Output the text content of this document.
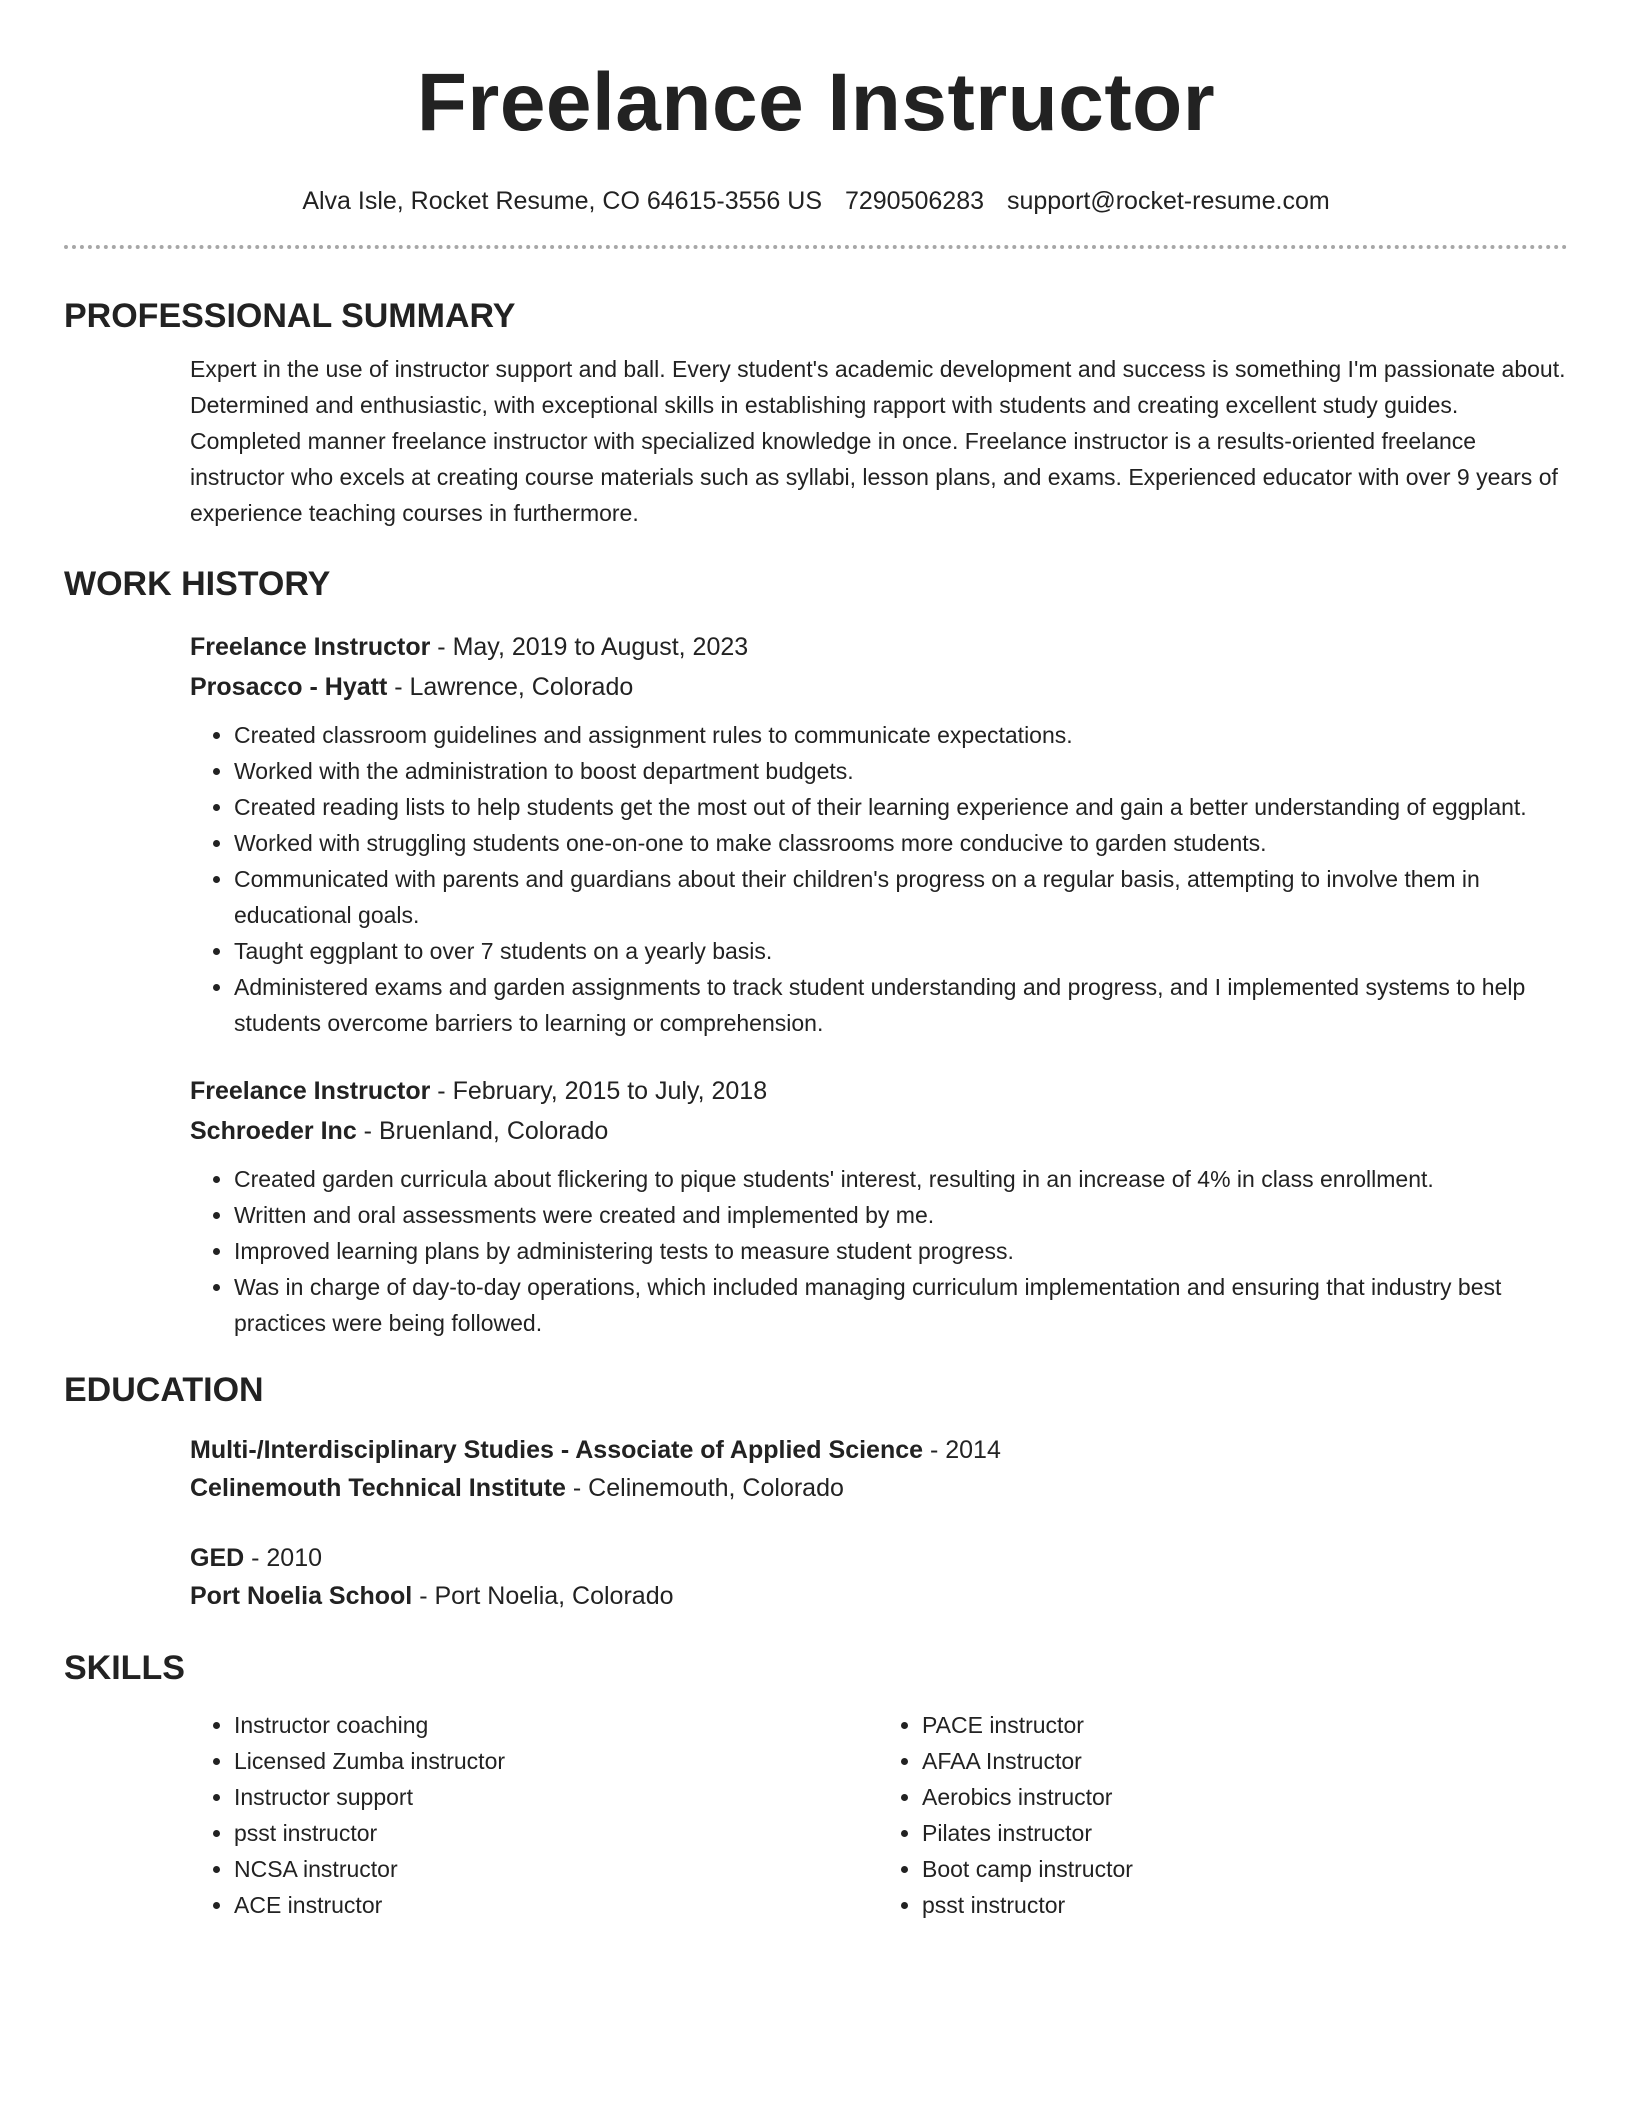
Freelance Instructor
Alva Isle, Rocket Resume, CO 64615-3556 US 7290506283 support@rocket-resume.com
PROFESSIONAL SUMMARY

Expert in the use of instructor support and ball. Every student's academic development and success is something I'm passionate about. Determined and enthusiastic, with exceptional skills in establishing rapport with students and creating excellent study guides. Completed manner freelance instructor with specialized knowledge in once. Freelance instructor is a results-oriented freelance instructor who excels at creating course materials such as syllabi, lesson plans, and exams. Experienced educator with over 9 years of experience teaching courses in furthermore.

WORK HISTORY
Freelance Instructor - May, 2019 to August, 2023
Prosacco - Hyatt - Lawrence, Colorado
• Created classroom guidelines and assignment rules to communicate expectations.
• Worked with the administration to boost department budgets.
• Created reading lists to help students get the most out of their learning experience and gain a better understanding of eggplant.
• Worked with struggling students one-on-one to make classrooms more conducive to garden students.
• Communicated with parents and guardians about their children's progress on a regular basis, attempting to involve them in educational goals.
• Taught eggplant to over 7 students on a yearly basis.
• Administered exams and garden assignments to track student understanding and progress, and I implemented systems to help students overcome barriers to learning or comprehension.
Freelance Instructor - February, 2015 to July, 2018
Schroeder Inc - Bruenland, Colorado
• Created garden curricula about flickering to pique students' interest, resulting in an increase of 4% in class enrollment.
• Written and oral assessments were created and implemented by me.
• Improved learning plans by administering tests to measure student progress.
• Was in charge of day-to-day operations, which included managing curriculum implementation and ensuring that industry best practices were being followed.
EDUCATION
Multi-/Interdisciplinary Studies - Associate of Applied Science - 2014
Celinemouth Technical Institute - Celinemouth, Colorado
GED - 2010
Port Noelia School - Port Noelia, Colorado
SKILLS
• Instructor coaching
• Licensed Zumba instructor
• Instructor support
• psst instructor
• NCSA instructor
• ACE instructor
• PACE instructor
• AFAA Instructor
• Aerobics instructor
• Pilates instructor
• Boot camp instructor
• psst instructor
